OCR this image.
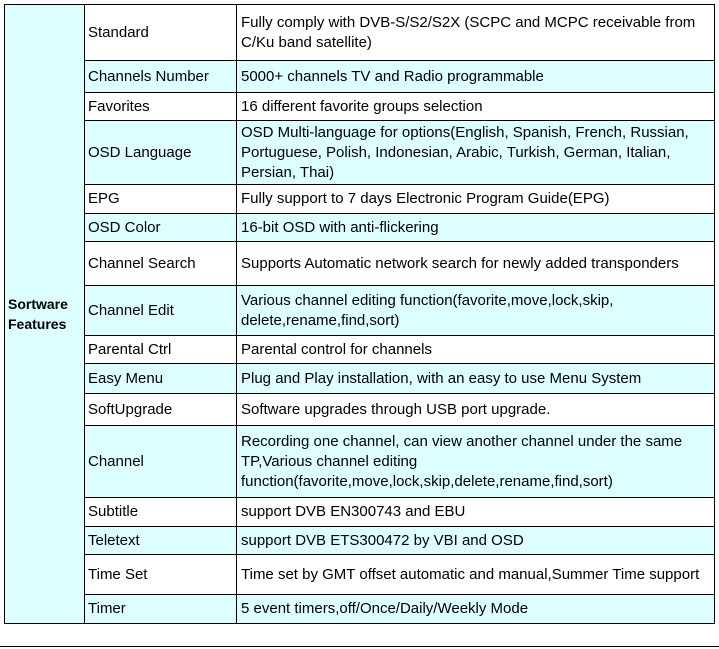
Sortware Features	Standard	Fully comply with DVB-S/S2/S2X (SCPC and MCPC receivable from C/Ku band satellite)
	Channels Number	5000+ channels TV and Radio programmable
	Favorites	16 different favorite groups selection
	OSD Language	OSD Multi-language for options(English, Spanish, French, Russian, Portuguese, Polish, Indonesian, Arabic, Turkish, German, Italian, Persian, Thai)
	EPG	Fully support to 7 days Electronic Program Guide(EPG)
	OSD Color	16-bit OSD with anti-flickering
	Channel Search	Supports Automatic network search for newly added transponders
	Channel Edit	Various channel editing function(favorite,move,lock,skip, delete,rename,find,sort)
	Parental Ctrl	Parental control for channels
	Easy Menu	Plug and Play installation, with an easy to use Menu System
	SoftUpgrade	Software upgrades through USB port upgrade.
	Channel	Recording one channel, can view another channel under the same TP,Various channel editing function(favorite,move,lock,skip,delete,rename,find,sort)
	Subtitle	support DVB EN300743 and EBU
	Teletext	support DVB ETS300472 by VBI and OSD
	Time Set	Time set by GMT offset automatic and manual,Summer Time support
	Timer	5 event timers,off/Once/Daily/Weekly Mode
